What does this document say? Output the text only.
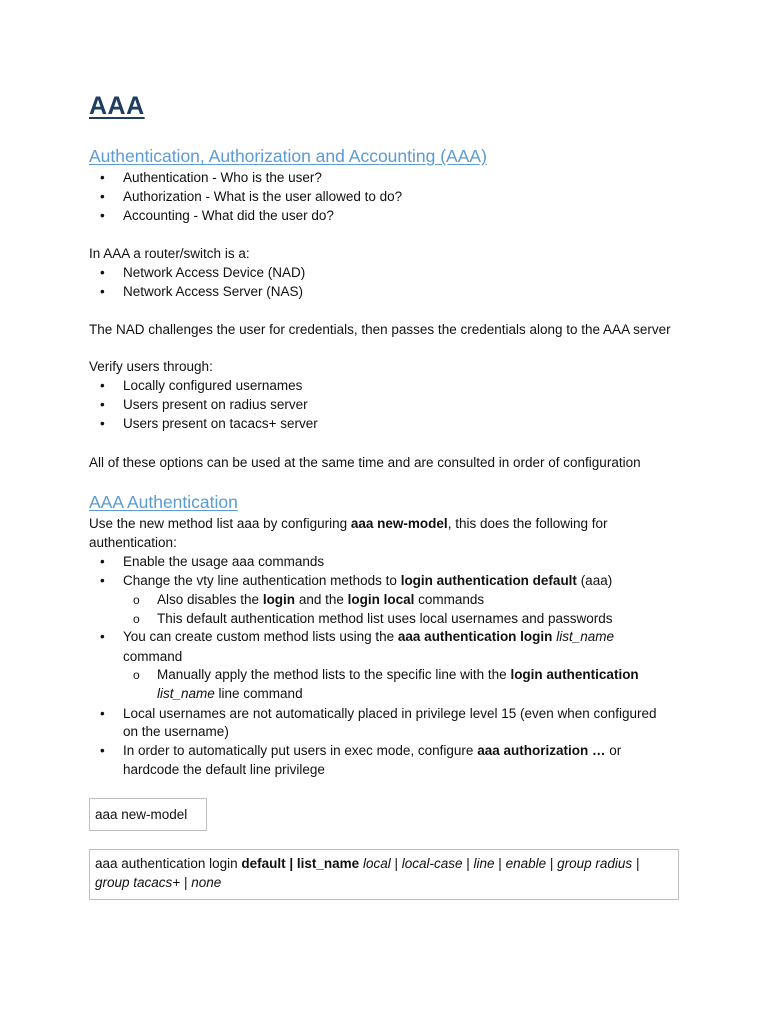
AAA
Authentication, Authorization and Accounting (AAA)
• Authentication - Who is the user?
• Authorization - What is the user allowed to do?
• Accounting - What did the user do?
In AAA a router/switch is a:
• Network Access Device (NAD)
• Network Access Server (NAS)
The NAD challenges the user for credentials, then passes the credentials along to the AAA server
Verify users through:
• Locally configured usernames
• Users present on radius server
• Users present on tacacs+ server
All of these options can be used at the same time and are consulted in order of configuration
AAA Authentication
Use the new method list aaa by configuring aaa new-model, this does the following for
authentication:
• Enable the usage aaa commands
• Change the vty line authentication methods to login authentication default (aaa)
o Also disables the login and the login local commands
o This default authentication method list uses local usernames and passwords
• You can create custom method lists using the aaa authentication login list_name
command
o Manually apply the method lists to the specific line with the login authentication
list_name line command
• Local usernames are not automatically placed in privilege level 15 (even when configured
on the username)
• In order to automatically put users in exec mode, configure aaa authorization … or
hardcode the default line privilege
aaa new-model
aaa authentication login default | list_name local | local-case | line | enable | group radius |
group tacacs+ | none
